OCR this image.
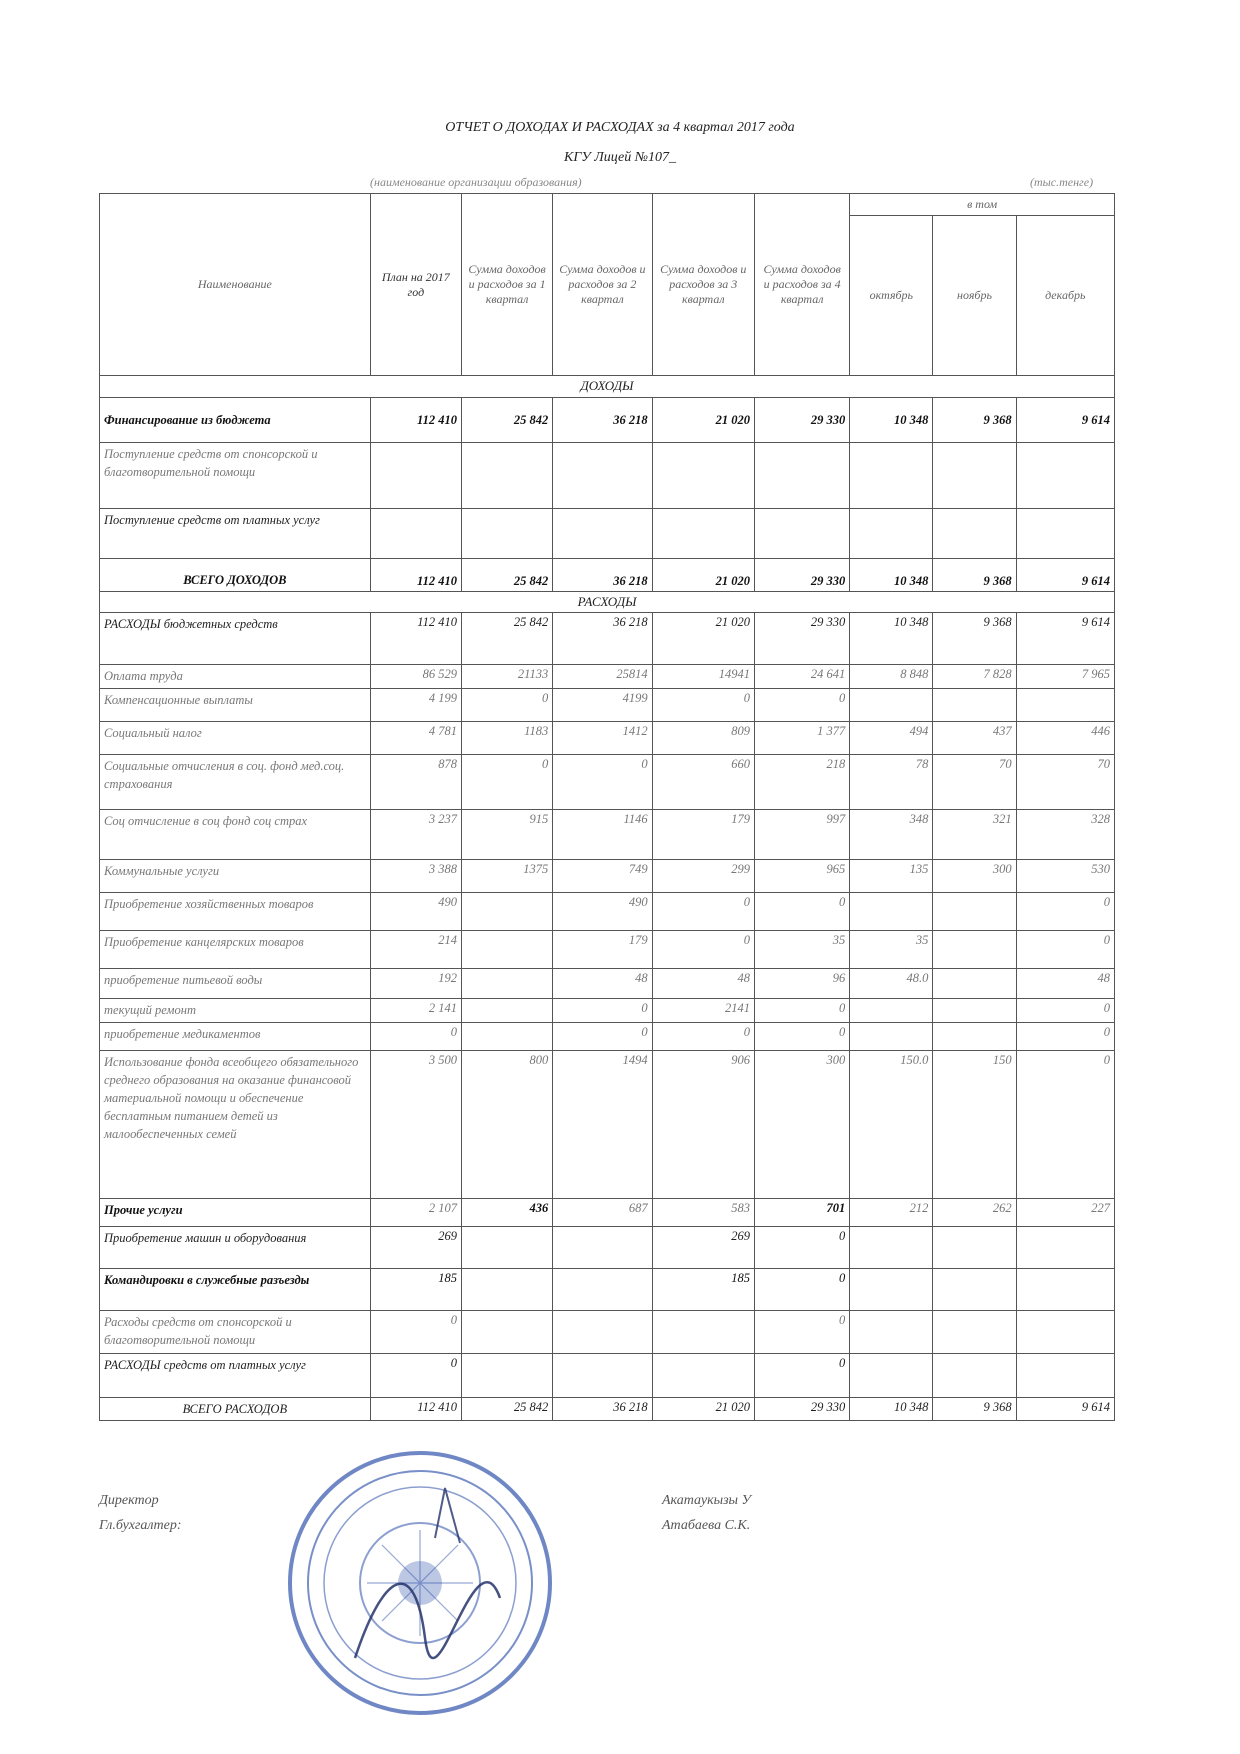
ОТЧЕТ О ДОХОДАХ И РАСХОДАХ за 4 квартал 2017 года
КГУ Лицей №107_
(наименование организации образования)	(тыс.тенге)
Наименование	План на 2017 год	Сумма доходов и расходов за 1 квартал	Сумма доходов и расходов за 2 квартал	Сумма доходов и расходов за 3 квартал	Сумма доходов и расходов за 4 квартал	в том		
						октябрь	ноябрь	декабрь
ДОХОДЫ								
Финансирование из бюджета	112 410	25 842	36 218	21 020	29 330	10 348	9 368	9 614
Поступление средств от спонсорской и благотворительной помощи								
Поступление средств от платных услуг								
ВСЕГО ДОХОДОВ	112 410	25 842	36 218	21 020	29 330	10 348	9 368	9 614
РАСХОДЫ								
РАСХОДЫ бюджетных средств	112 410	25 842	36 218	21 020	29 330	10 348	9 368	9 614
Оплата труда	86 529	21133	25814	14941	24 641	8 848	7 828	7 965
Компенсационные выплаты	4 199	0	4199	0	0			
Социальный налог	4 781	1183	1412	809	1 377	494	437	446
Социальные отчисления в соц. фонд мед.соц. страхования	878	0	0	660	218	78	70	70
Соц отчисление в соц фонд соц страх	3 237	915	1146	179	997	348	321	328
Коммунальные услуги	3 388	1375	749	299	965	135	300	530
Приобретение хозяйственных товаров	490		490	0	0			0
Приобретение канцелярских товаров	214		179	0	35	35		0
приобретение питьевой воды	192		48	48	96	48.0		48
текущий ремонт	2 141		0	2141	0			0
приобретение медикаментов	0		0	0	0			0
Использование фонда всеобщего обязательного среднего образования на оказание финансовой материальной помощи и обеспечение бесплатным питанием детей из малообеспеченных семей	3 500	800	1494	906	300	150.0	150	0
Прочие услуги	2 107	436	687	583	701	212	262	227
Приобретение машин и оборудования	269			269	0			
Командировки в служебные разъезды	185			185	0			
Расходы средств от спонсорской и благотворительной помощи	0				0			
РАСХОДЫ средств от платных услуг	0				0			
ВСЕГО РАСХОДОВ	112 410	25 842	36 218	21 020	29 330	10 348	9 368	9 614
Директор
Гл.бухгалтер:
Акатаукызы У
Атабаева С.К.
